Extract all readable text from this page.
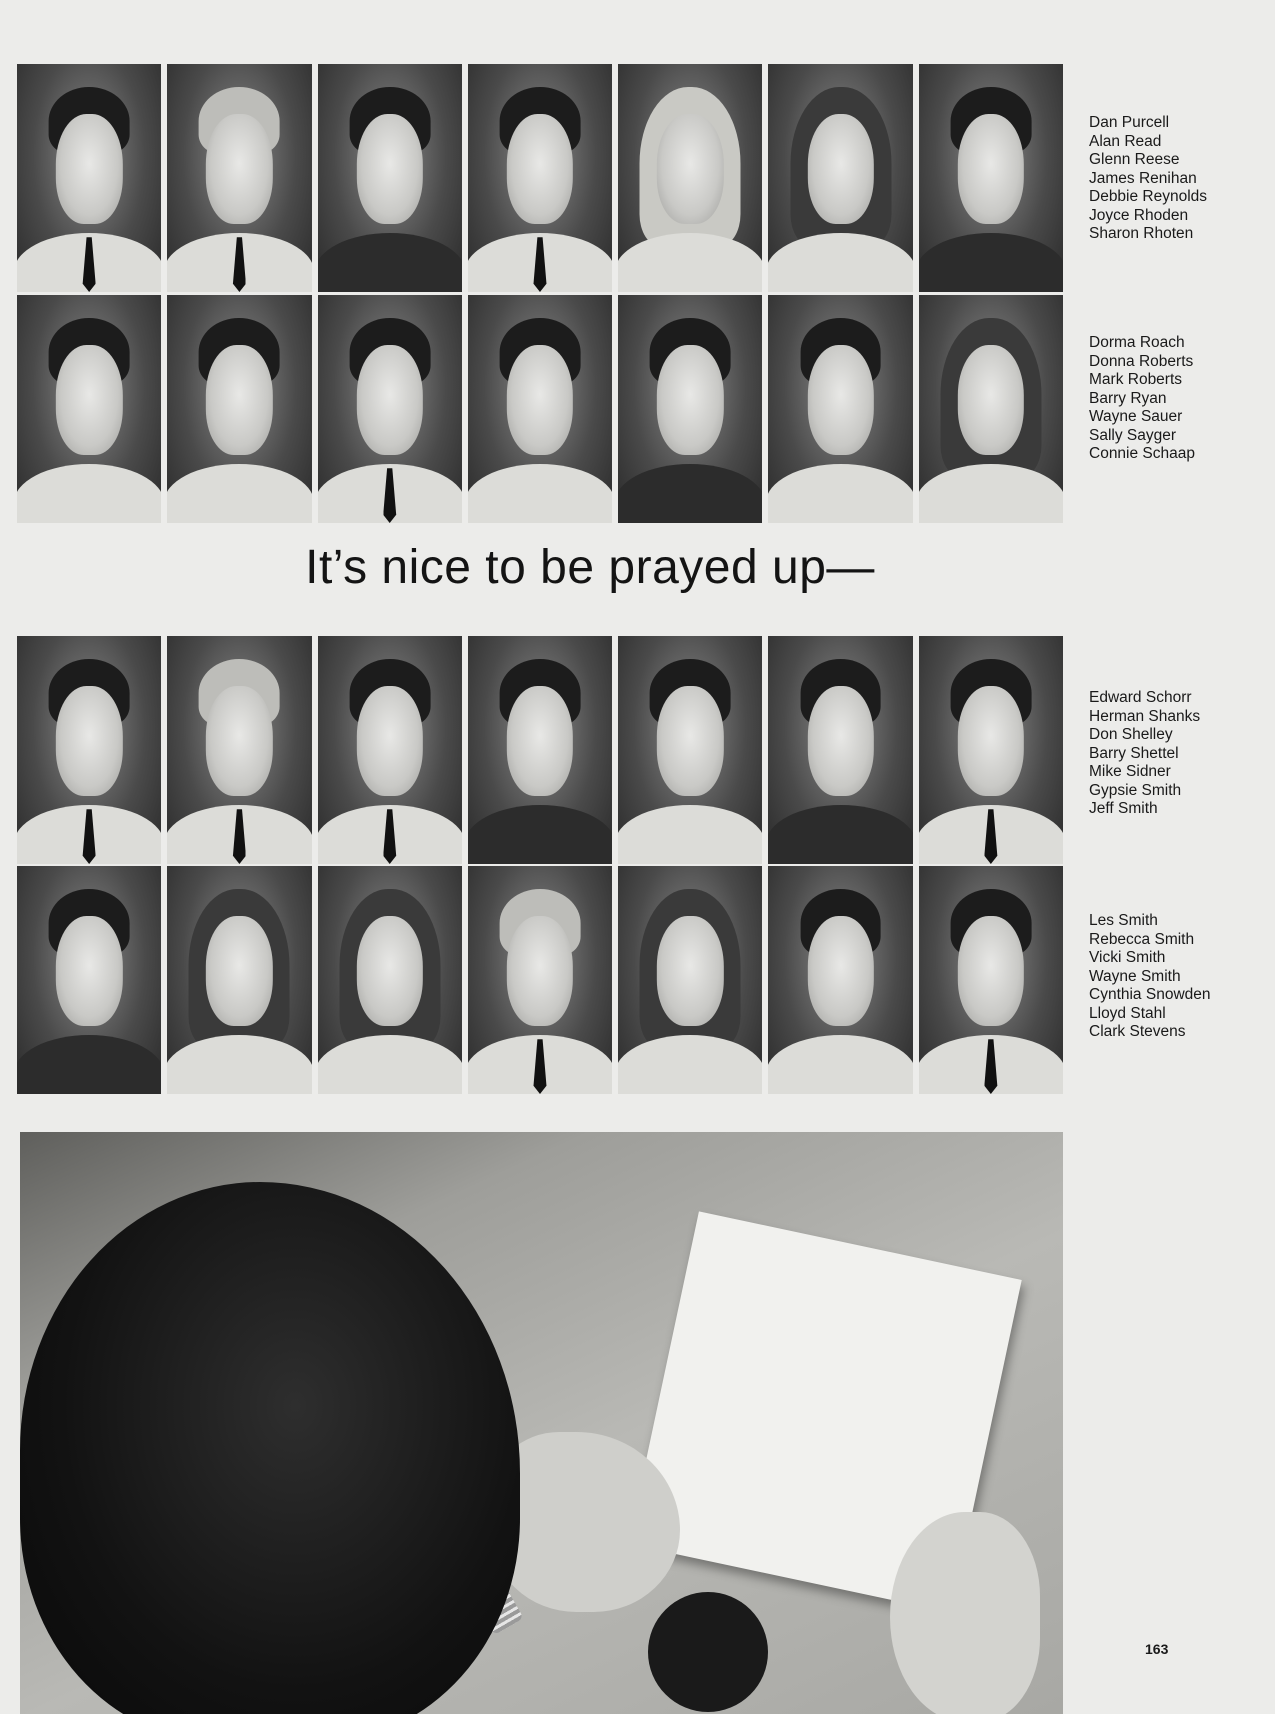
Dan Purcell
Alan Read
Glenn Reese
James Renihan
Debbie Reynolds
Joyce Rhoden
Sharon Rhoten
Dorma Roach
Donna Roberts
Mark Roberts
Barry Ryan
Wayne Sauer
Sally Sayger
Connie Schaap
It’s nice to be prayed up—
Edward Schorr
Herman Shanks
Don Shelley
Barry Shettel
Mike Sidner
Gypsie Smith
Jeff Smith
Les Smith
Rebecca Smith
Vicki Smith
Wayne Smith
Cynthia Snowden
Lloyd Stahl
Clark Stevens
163
